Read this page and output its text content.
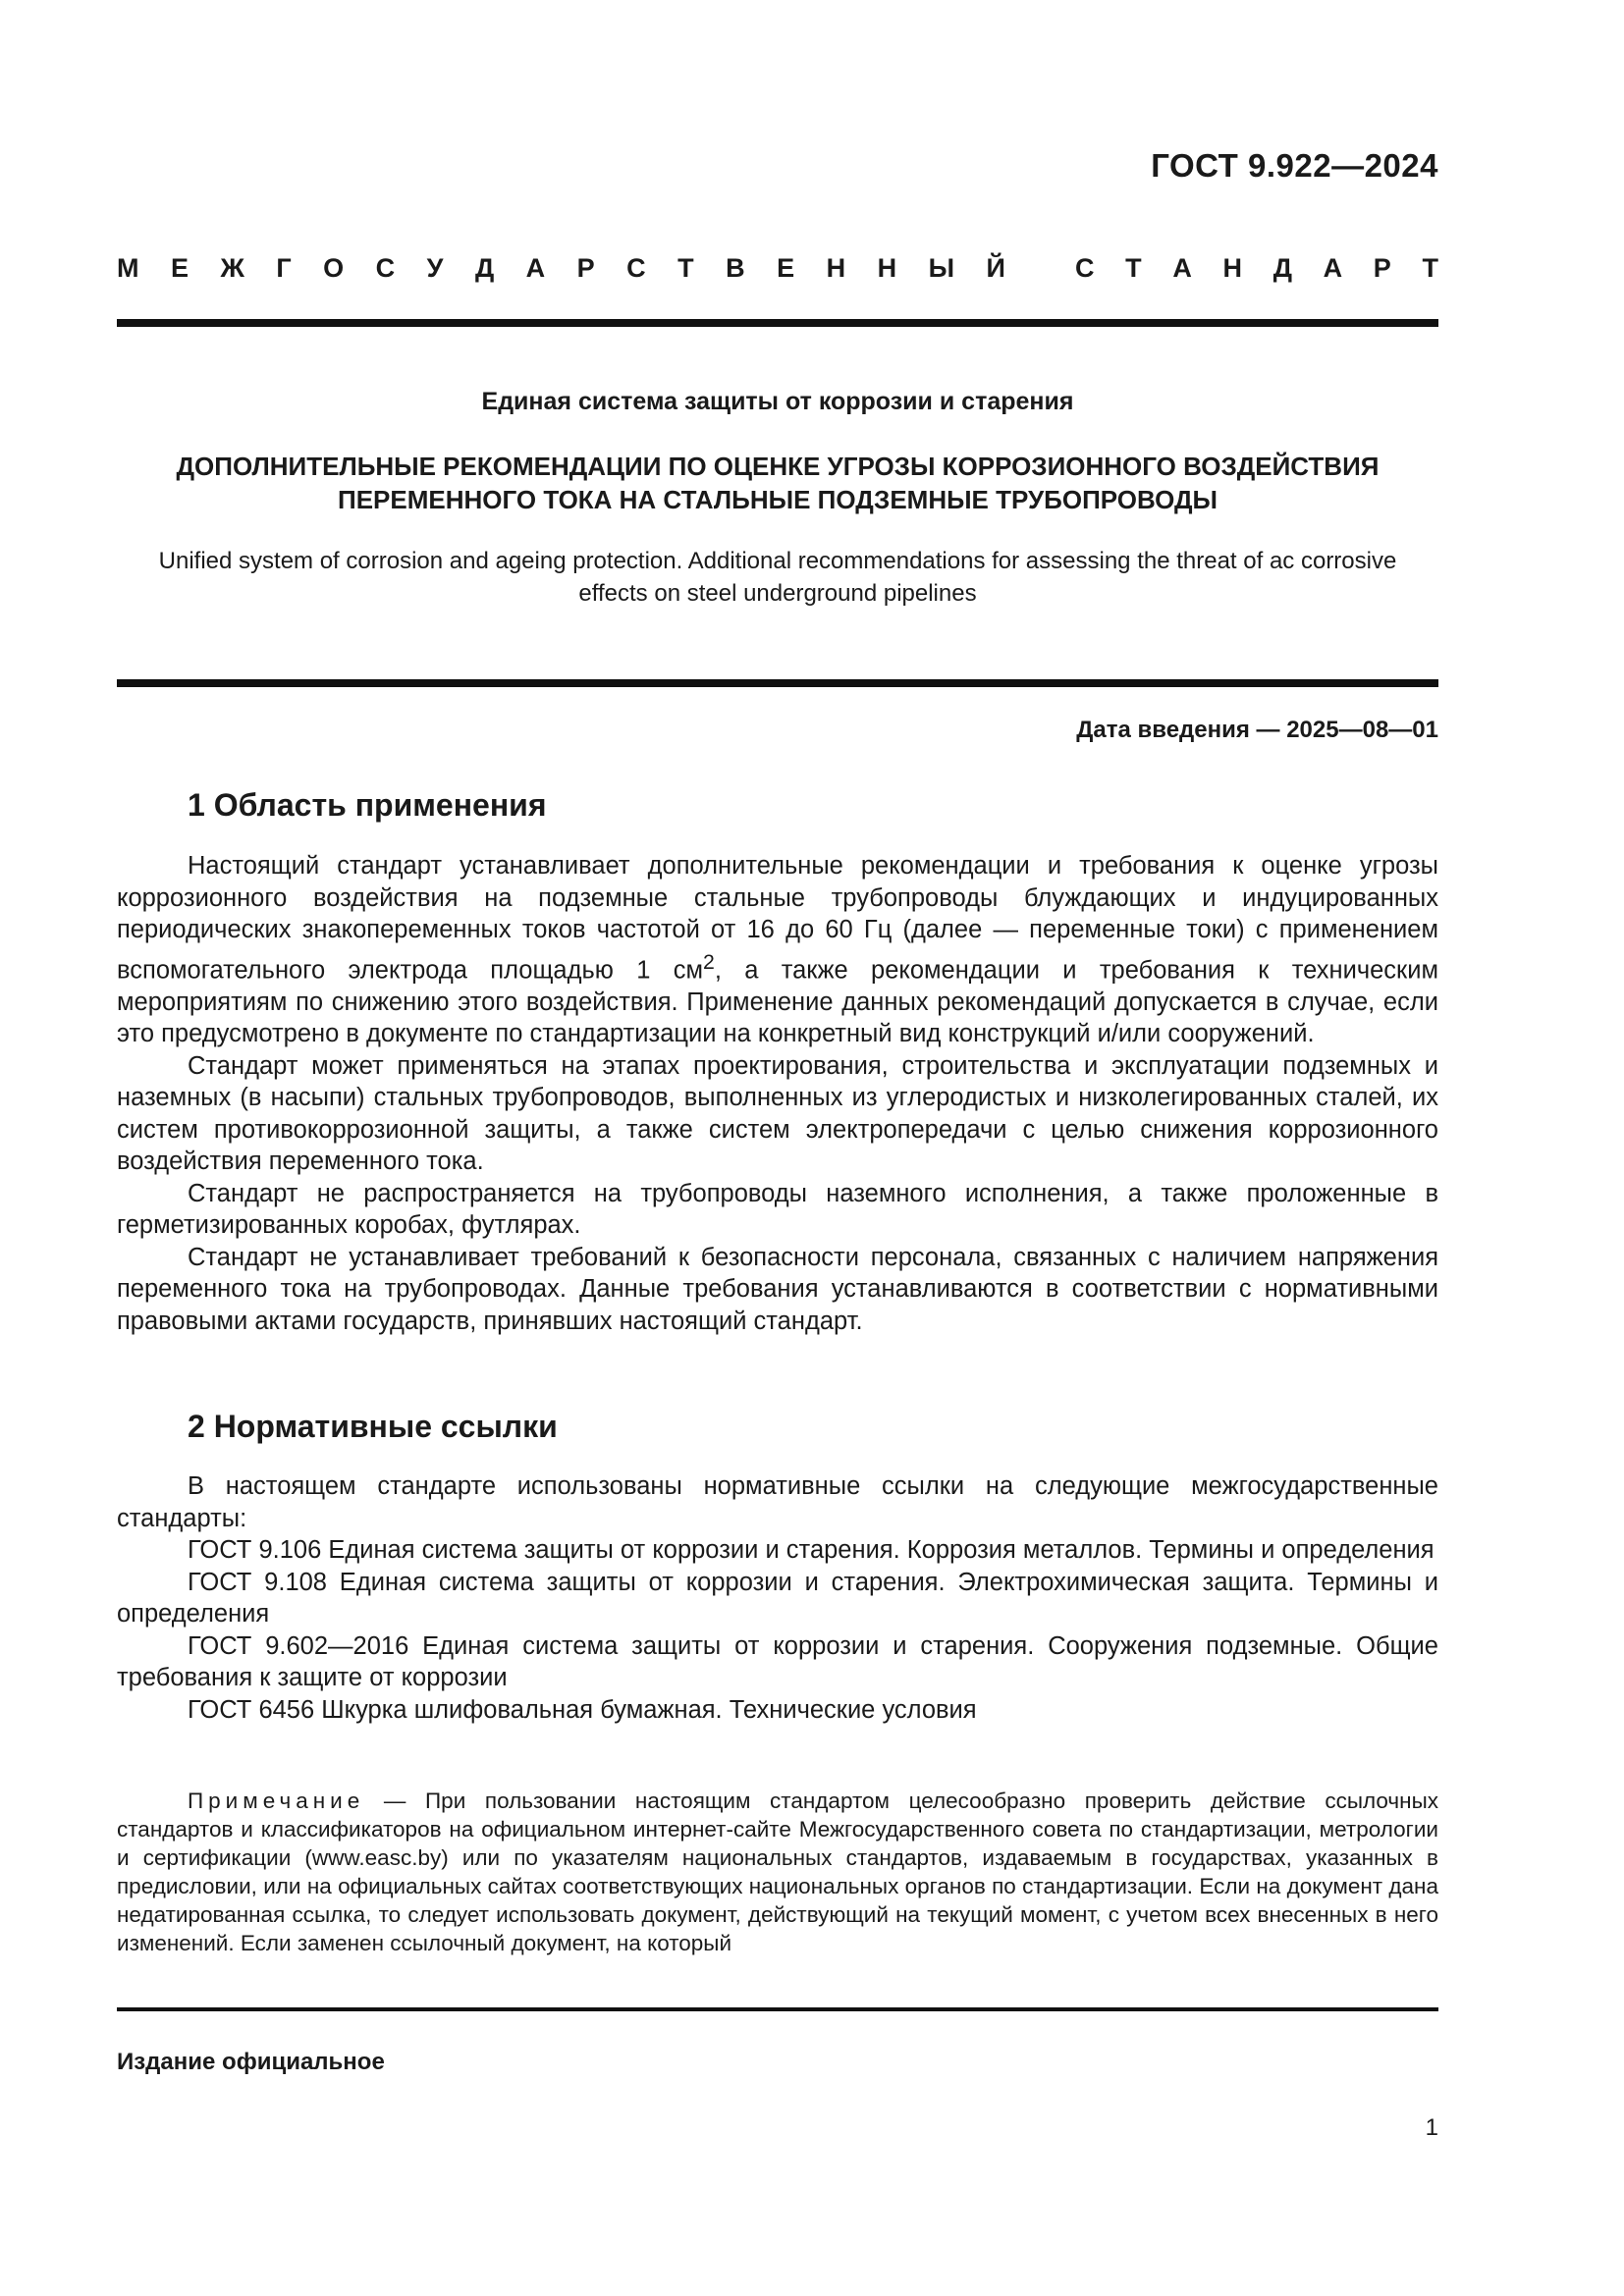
ГОСТ 9.922—2024
М Е Ж Г О С У Д А Р С Т В Е Н Н Ы Й	С Т А Н Д А Р Т
Единая система защиты от коррозии и старения
ДОПОЛНИТЕЛЬНЫЕ РЕКОМЕНДАЦИИ ПО ОЦЕНКЕ УГРОЗЫ КОРРОЗИОННОГО ВОЗДЕЙСТВИЯ
ПЕРЕМЕННОГО ТОКА НА СТАЛЬНЫЕ ПОДЗЕМНЫЕ ТРУБОПРОВОДЫ
Unified system of corrosion and ageing protection. Additional recommendations for assessing the threat of ac corrosive
effects on steel underground pipelines
Дата введения — 2025—08—01
1 Область применения

Настоящий стандарт устанавливает дополнительные рекомендации и требования к оценке угрозы коррозионного воздействия на подземные стальные трубопроводы блуждающих и индуцированных периодических знакопеременных токов частотой от 16 до 60 Гц (далее — переменные токи) с применением вспомогательного электрода площадью 1 $см^2$, а также рекомендации и требования к техническим мероприятиям по снижению этого воздействия. Применение данных рекомендаций допускается в случае, если это предусмотрено в документе по стандартизации на конкретный вид конструкций и/или сооружений.

Стандарт может применяться на этапах проектирования, строительства и эксплуатации подземных и наземных (в насыпи) стальных трубопроводов, выполненных из углеродистых и низколегированных сталей, их систем противокоррозионной защиты, а также систем электропередачи с целью снижения коррозионного воздействия переменного тока.

Стандарт не распространяется на трубопроводы наземного исполнения, а также проложенные в герметизированных коробах, футлярах.

Стандарт не устанавливает требований к безопасности персонала, связанных с наличием напряжения переменного тока на трубопроводах. Данные требования устанавливаются в соответствии с нормативными правовыми актами государств, принявших настоящий стандарт.

2 Нормативные ссылки

В настоящем стандарте использованы нормативные ссылки на следующие межгосударственные стандарты:

ГОСТ 9.106 Единая система защиты от коррозии и старения. Коррозия металлов. Термины и определения

ГОСТ 9.108 Единая система защиты от коррозии и старения. Электрохимическая защита. Термины и определения

ГОСТ 9.602—2016 Единая система защиты от коррозии и старения. Сооружения подземные. Общие требования к защите от коррозии

ГОСТ 6456 Шкурка шлифовальная бумажная. Технические условия

Примечание — При пользовании настоящим стандартом целесообразно проверить действие ссылочных стандартов и классификаторов на официальном интернет-сайте Межгосударственного совета по стандартизации, метрологии и сертификации (www.easc.by) или по указателям национальных стандартов, издаваемым в государствах, указанных в предисловии, или на официальных сайтах соответствующих национальных органов по стандартизации. Если на документ дана недатированная ссылка, то следует использовать документ, действующий на текущий момент, с учетом всех внесенных в него изменений. Если заменен ссылочный документ, на который

Издание официальное
1
